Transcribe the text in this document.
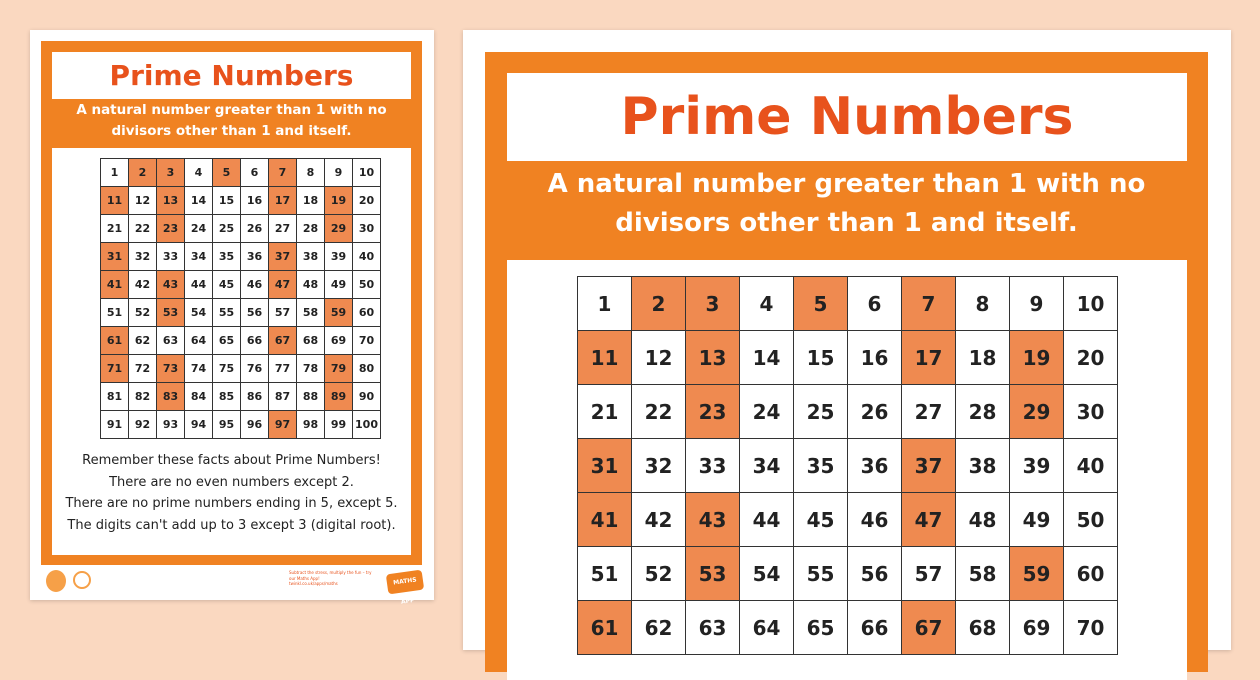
Prime Numbers
A natural number greater than 1 with no
divisors other than 1 and itself.
1	2	3	4	5	6	7	8	9	10
11	12	13	14	15	16	17	18	19	20
21	22	23	24	25	26	27	28	29	30
31	32	33	34	35	36	37	38	39	40
41	42	43	44	45	46	47	48	49	50
51	52	53	54	55	56	57	58	59	60
61	62	63	64	65	66	67	68	69	70
71	72	73	74	75	76	77	78	79	80
81	82	83	84	85	86	87	88	89	90
91	92	93	94	95	96	97	98	99	100
Remember these facts about Prime Numbers!
There are no even numbers except 2.
There are no prime numbers ending in 5, except 5.
The digits can't add up to 3 except 3 (digital root).
Subtract the stress, multiply the fun – try
our Maths App!
twinkl.co.uk/apps/maths	MATHS APP
Prime Numbers
A natural number greater than 1 with no
divisors other than 1 and itself.
1	2	3	4	5	6	7	8	9	10
11	12	13	14	15	16	17	18	19	20
21	22	23	24	25	26	27	28	29	30
31	32	33	34	35	36	37	38	39	40
41	42	43	44	45	46	47	48	49	50
51	52	53	54	55	56	57	58	59	60
61	62	63	64	65	66	67	68	69	70
